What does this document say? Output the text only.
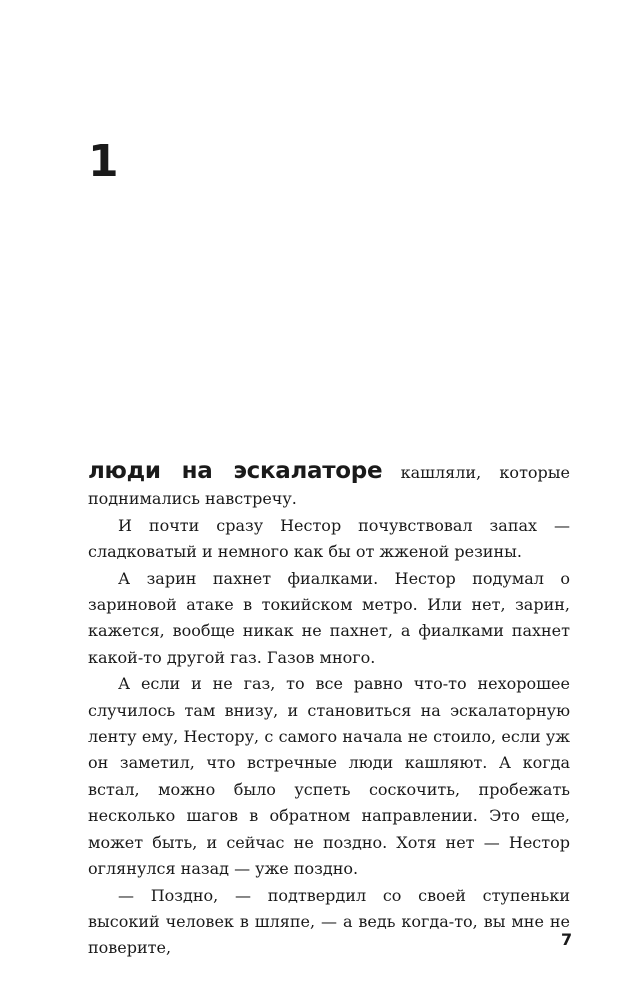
1

люди на эскалаторе кашляли, которые поднимались навстречу.

И почти сразу Нестор почувствовал запах — сладковатый и немного как бы от жженой резины.

А зарин пахнет фиалками. Нестор подумал о зариновой атаке в токийском метро. Или нет, зарин, кажется, вообще никак не пахнет, а фиалками пахнет какой-то другой газ. Газов много.

А если и не газ, то все равно что-то нехорошее случилось там внизу, и становиться на эскалаторную ленту ему, Нестору, с самого начала не стоило, если уж он заметил, что встречные люди кашляют. А когда встал, можно было успеть соскочить, пробежать несколько шагов в обратном направлении. Это еще, может быть, и сейчас не поздно. Хотя нет — Нестор оглянулся назад — уже поздно.

— Поздно, — подтвердил со своей ступеньки высокий человек в шляпе, — а ведь когда-то, вы мне не поверите,	7
